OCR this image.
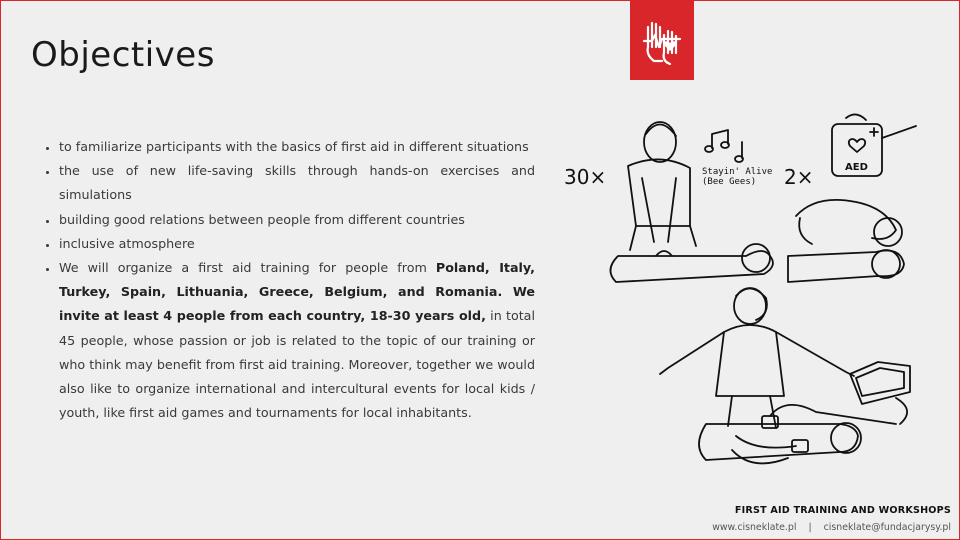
Objectives
• to familiarize participants with the basics of first aid in different situations
• the use of new life-saving skills through hands-on exercises and simulations
• building good relations between people from different countries
• inclusive atmosphere
• We will organize a first aid training for people from Poland, Italy, Turkey, Spain, Lithuania, Greece, Belgium, and Romania. We invite at least 4 people from each country, 18-30 years old, in total 45 people, whose passion or job is related to the topic of our training or who think may benefit from first aid training. Moreover, together we would also like to organize international and intercultural events for local kids / youth, like first aid games and tournaments for local inhabitants.
30×	2×
Stayin' Alive
(Bee Gees)
AED
FIRST AID TRAINING AND WORKSHOPS
www.cisneklate.pl | cisneklate@fundacjarysy.pl
